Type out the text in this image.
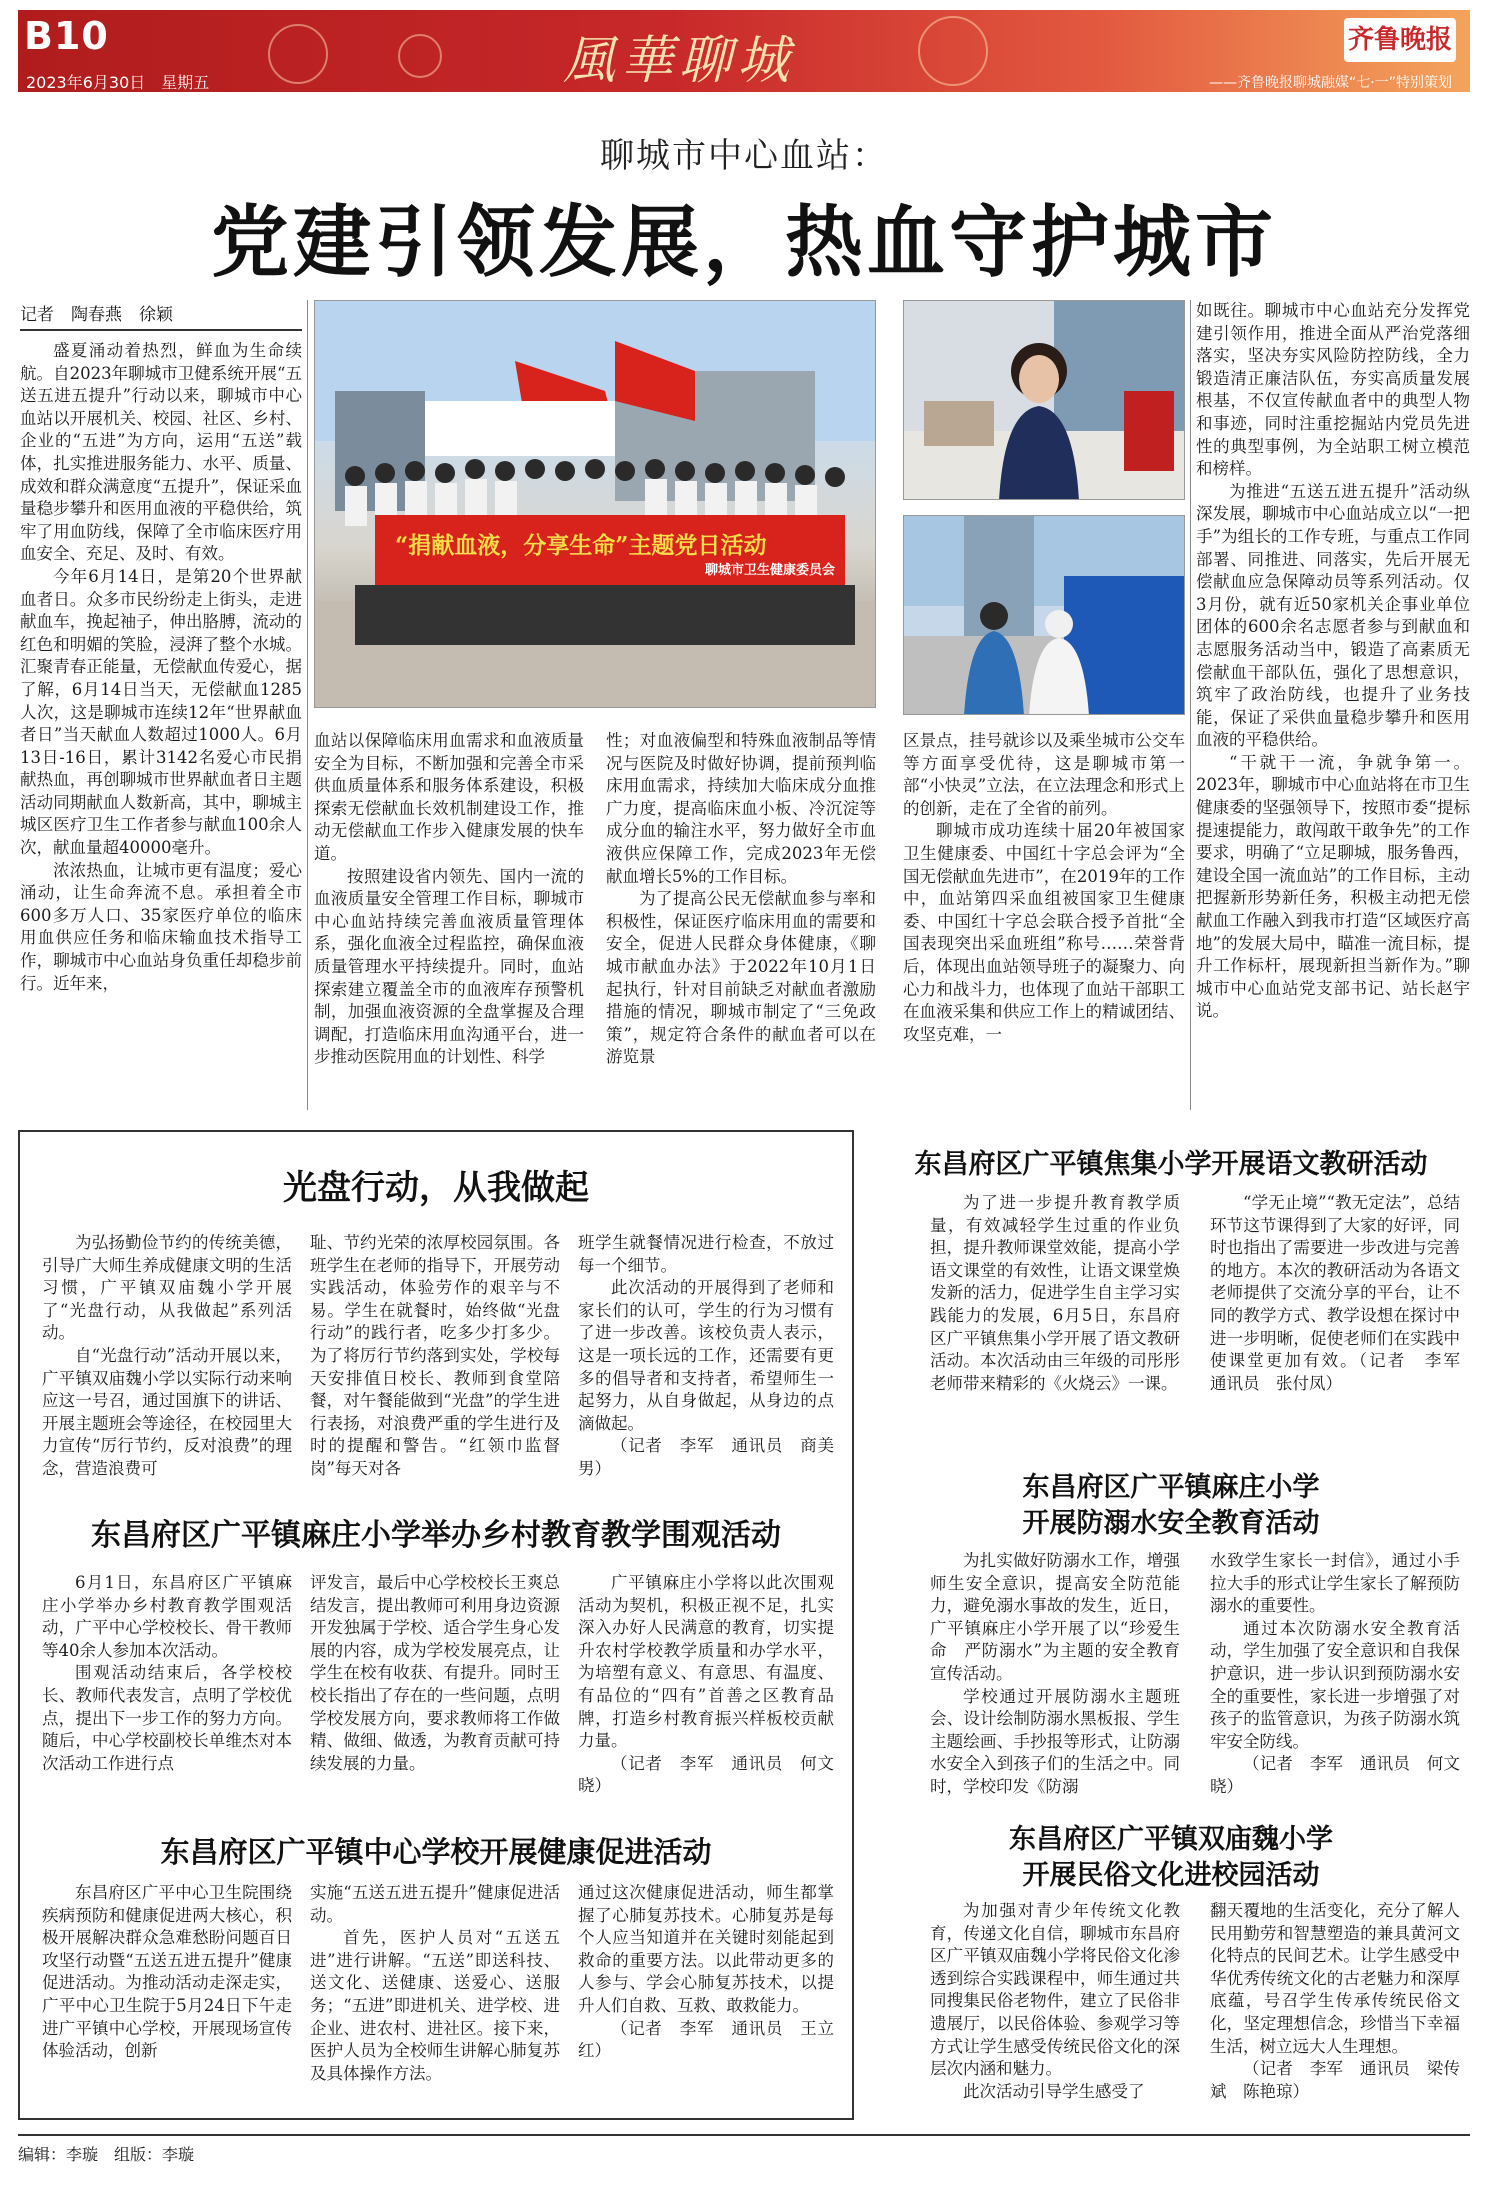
B10
2023年6月30日　星期五	風華聊城	齐鲁晚报
——齐鲁晚报聊城融媒“七·一”特别策划
聊城市中心血站：
党建引领发展，热血守护城市
记者　陶春燕　徐颖
“捐献血液，分享生命”主题党日活动
聊城市卫生健康委员会

盛夏涌动着热烈，鲜血为生命续航。自2023年聊城市卫健系统开展“五送五进五提升”行动以来，聊城市中心血站以开展机关、校园、社区、乡村、企业的“五进”为方向，运用“五送”载体，扎实推进服务能力、水平、质量、成效和群众满意度“五提升”，保证采血量稳步攀升和医用血液的平稳供给，筑牢了用血防线，保障了全市临床医疗用血安全、充足、及时、有效。

今年6月14日，是第20个世界献血者日。众多市民纷纷走上街头，走进献血车，挽起袖子，伸出胳膊，流动的红色和明媚的笑脸，浸湃了整个水城。汇聚青春正能量，无偿献血传爱心，据了解，6月14日当天，无偿献血1285人次，这是聊城市连续12年“世界献血者日”当天献血人数超过1000人。6月13日-16日，累计3142名爱心市民捐献热血，再创聊城市世界献血者日主题活动同期献血人数新高，其中，聊城主城区医疗卫生工作者参与献血100余人次，献血量超40000毫升。

浓浓热血，让城市更有温度；爱心涌动，让生命奔流不息。承担着全市600多万人口、35家医疗单位的临床用血供应任务和临床输血技术指导工作，聊城市中心血站身负重任却稳步前行。近年来，

血站以保障临床用血需求和血液质量安全为目标，不断加强和完善全市采供血质量体系和服务体系建设，积极探索无偿献血长效机制建设工作，推动无偿献血工作步入健康发展的快车道。

按照建设省内领先、国内一流的血液质量安全管理工作目标，聊城市中心血站持续完善血液质量管理体系，强化血液全过程监控，确保血液质量管理水平持续提升。同时，血站探索建立覆盖全市的血液库存预警机制，加强血液资源的全盘掌握及合理调配，打造临床用血沟通平台，进一步推动医院用血的计划性、科学

性；对血液偏型和特殊血液制品等情况与医院及时做好协调，提前预判临床用血需求，持续加大临床成分血推广力度，提高临床血小板、冷沉淀等成分血的输注水平，努力做好全市血液供应保障工作，完成2023年无偿献血增长5%的工作目标。

为了提高公民无偿献血参与率和积极性，保证医疗临床用血的需要和安全，促进人民群众身体健康，《聊城市献血办法》于2022年10月1日起执行，针对目前缺乏对献血者激励措施的情况，聊城市制定了“三免政策”，规定符合条件的献血者可以在游览景

区景点，挂号就诊以及乘坐城市公交车等方面享受优待，这是聊城市第一部“小快灵”立法，在立法理念和形式上的创新，走在了全省的前列。

聊城市成功连续十届20年被国家卫生健康委、中国红十字总会评为“全国无偿献血先进市”，在2019年的工作中，血站第四采血组被国家卫生健康委、中国红十字总会联合授予首批“全国表现突出采血班组”称号……荣誉背后，体现出血站领导班子的凝聚力、向心力和战斗力，也体现了血站干部职工在血液采集和供应工作上的精诚团结、攻坚克难，一

如既往。聊城市中心血站充分发挥党建引领作用，推进全面从严治党落细落实，坚决夯实风险防控防线，全力锻造清正廉洁队伍，夯实高质量发展根基，不仅宣传献血者中的典型人物和事迹，同时注重挖掘站内党员先进性的典型事例，为全站职工树立模范和榜样。

为推进“五送五进五提升”活动纵深发展，聊城市中心血站成立以“一把手”为组长的工作专班，与重点工作同部署、同推进、同落实，先后开展无偿献血应急保障动员等系列活动。仅3月份，就有近50家机关企事业单位团体的600余名志愿者参与到献血和志愿服务活动当中，锻造了高素质无偿献血干部队伍，强化了思想意识，筑牢了政治防线，也提升了业务技能，保证了采供血量稳步攀升和医用血液的平稳供给。

“干就干一流，争就争第一。2023年，聊城市中心血站将在市卫生健康委的坚强领导下，按照市委“提标提速提能力，敢闯敢干敢争先”的工作要求，明确了“立足聊城，服务鲁西，建设全国一流血站”的工作目标，主动把握新形势新任务，积极主动把无偿献血工作融入到我市打造“区域医疗高地”的发展大局中，瞄准一流目标，提升工作标杆，展现新担当新作为。”聊城市中心血站党支部书记、站长赵宇说。

光盘行动，从我做起

为弘扬勤俭节约的传统美德，引导广大师生养成健康文明的生活习惯，广平镇双庙魏小学开展了“光盘行动，从我做起”系列活动。

自“光盘行动”活动开展以来，广平镇双庙魏小学以实际行动来响应这一号召，通过国旗下的讲话、开展主题班会等途径，在校园里大力宣传“厉行节约，反对浪费”的理念，营造浪费可

耻、节约光荣的浓厚校园氛围。各班学生在老师的指导下，开展劳动实践活动，体验劳作的艰辛与不易。学生在就餐时，始终做“光盘行动”的践行者，吃多少打多少。为了将厉行节约落到实处，学校每天安排值日校长、教师到食堂陪餐，对午餐能做到“光盘”的学生进行表扬，对浪费严重的学生进行及时的提醒和警告。“红领巾监督岗”每天对各

班学生就餐情况进行检查，不放过每一个细节。

此次活动的开展得到了老师和家长们的认可，学生的行为习惯有了进一步改善。该校负责人表示，这是一项长远的工作，还需要有更多的倡导者和支持者，希望师生一起努力，从自身做起，从身边的点滴做起。

（记者　李军　通讯员　商美男）

东昌府区广平镇麻庄小学举办乡村教育教学围观活动

6月1日，东昌府区广平镇麻庄小学举办乡村教育教学围观活动，广平中心学校校长、骨干教师等40余人参加本次活动。

围观活动结束后，各学校校长、教师代表发言，点明了学校优点，提出下一步工作的努力方向。随后，中心学校副校长单维杰对本次活动工作进行点

评发言，最后中心学校校长王爽总结发言，提出教师可利用身边资源开发独属于学校、适合学生身心发展的内容，成为学校发展亮点，让学生在校有收获、有提升。同时王校长指出了存在的一些问题，点明学校发展方向，要求教师将工作做精、做细、做透，为教育贡献可持续发展的力量。

广平镇麻庄小学将以此次围观活动为契机，积极正视不足，扎实深入办好人民满意的教育，切实提升农村学校教学质量和办学水平，为培塑有意义、有意思、有温度、有品位的“四有”首善之区教育品牌，打造乡村教育振兴样板校贡献力量。

（记者　李军　通讯员　何文晓）

东昌府区广平镇中心学校开展健康促进活动

东昌府区广平中心卫生院围绕疾病预防和健康促进两大核心，积极开展解决群众急难愁盼问题百日攻坚行动暨“五送五进五提升”健康促进活动。为推动活动走深走实，广平中心卫生院于5月24日下午走进广平镇中心学校，开展现场宣传体验活动，创新

实施“五送五进五提升”健康促进活动。

首先，医护人员对“五送五进”进行讲解。“五送”即送科技、送文化、送健康、送爱心、送服务；“五进”即进机关、进学校、进企业、进农村、进社区。接下来，医护人员为全校师生讲解心肺复苏及具体操作方法。

通过这次健康促进活动，师生都掌握了心肺复苏技术。心肺复苏是每个人应当知道并在关键时刻能起到救命的重要方法。以此带动更多的人参与、学会心肺复苏技术，以提升人们自救、互救、敢救能力。

（记者　李军　通讯员　王立红）

东昌府区广平镇焦集小学开展语文教研活动

为了进一步提升教育教学质量，有效减轻学生过重的作业负担，提升教师课堂效能，提高小学语文课堂的有效性，让语文课堂焕发新的活力，促进学生自主学习实践能力的发展，6月5日，东昌府区广平镇焦集小学开展了语文教研活动。本次活动由三年级的司彤彤老师带来精彩的《火烧云》一课。

“学无止境”“教无定法”，总结环节这节课得到了大家的好评，同时也指出了需要进一步改进与完善的地方。本次的教研活动为各语文老师提供了交流分享的平台，让不同的教学方式、教学设想在探讨中进一步明晰，促使老师们在实践中使课堂更加有效。（记者　李军　通讯员　张付凤）

东昌府区广平镇麻庄小学
开展防溺水安全教育活动

为扎实做好防溺水工作，增强师生安全意识，提高安全防范能力，避免溺水事故的发生，近日，广平镇麻庄小学开展了以“珍爱生命　严防溺水”为主题的安全教育宣传活动。

学校通过开展防溺水主题班会、设计绘制防溺水黑板报、学生主题绘画、手抄报等形式，让防溺水安全入到孩子们的生活之中。同时，学校印发《防溺

水致学生家长一封信》，通过小手拉大手的形式让学生家长了解预防溺水的重要性。

通过本次防溺水安全教育活动，学生加强了安全意识和自我保护意识，进一步认识到预防溺水安全的重要性，家长进一步增强了对孩子的监管意识，为孩子防溺水筑牢安全防线。

（记者　李军　通讯员　何文晓）

东昌府区广平镇双庙魏小学
开展民俗文化进校园活动

为加强对青少年传统文化教育，传递文化自信，聊城市东昌府区广平镇双庙魏小学将民俗文化渗透到综合实践课程中，师生通过共同搜集民俗老物件，建立了民俗非遗展厅，以民俗体验、参观学习等方式让学生感受传统民俗文化的深层次内涵和魅力。

此次活动引导学生感受了

翻天覆地的生活变化，充分了解人民用勤劳和智慧塑造的兼具黄河文化特点的民间艺术。让学生感受中华优秀传统文化的古老魅力和深厚底蕴，号召学生传承传统民俗文化，坚定理想信念，珍惜当下幸福生活，树立远大人生理想。

（记者　李军　通讯员　梁传斌　陈艳琼）

编辑：李璇　组版：李璇
